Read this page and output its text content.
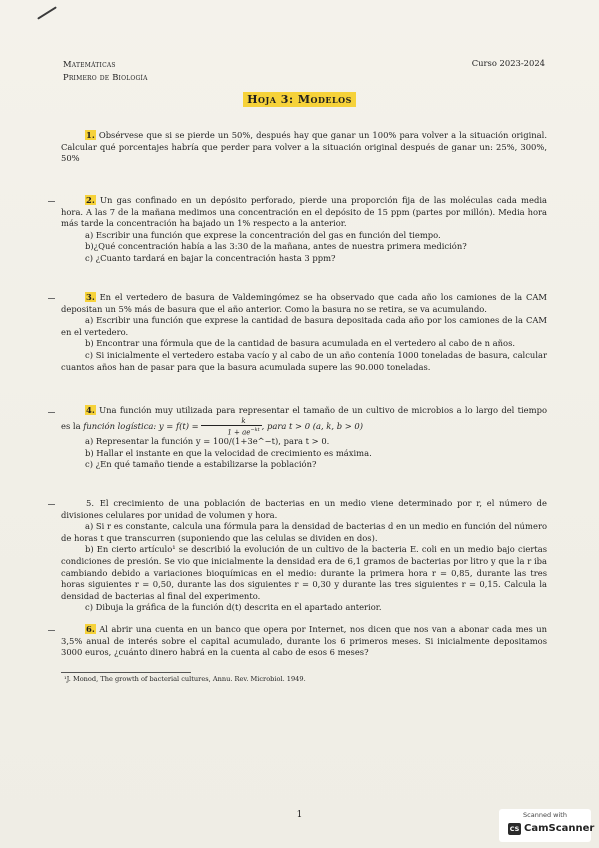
Matemáticas
Primero de Biología
Curso 2023-2024
Hoja 3: Modelos

1. Obsérvese que si se pierde un 50%, después hay que ganar un 100% para volver a la situación original. Calcular qué porcentajes habría que perder para volver a la situación original después de ganar un: 25%, 300%, 50%

2. Un gas confinado en un depósito perforado, pierde una proporción fija de las moléculas cada media hora. A las 7 de la mañana medimos una concentración en el depósito de 15 ppm (partes por millón). Media hora más tarde la concentración ha bajado un 1% respecto a la anterior.

a) Escribir una función que exprese la concentración del gas en función del tiempo.

b)¿Qué concentración había a las 3:30 de la mañana, antes de nuestra primera medición?

c) ¿Cuanto tardará en bajar la concentración hasta 3 ppm?

3. En el vertedero de basura de Valdemingómez se ha observado que cada año los camiones de la CAM depositan un 5% más de basura que el año anterior. Como la basura no se retira, se va acumulando.

a) Escribir una función que exprese la cantidad de basura depositada cada año por los camiones de la CAM en el vertedero.

b) Encontrar una fórmula que de la cantidad de basura acumulada en el vertedero al cabo de n años.

c) Si inicialmente el vertedero estaba vacío y al cabo de un año contenía 1000 toneladas de basura, calcular cuantos años han de pasar para que la basura acumulada supere las 90.000 toneladas.

4. Una función muy utilizada para representar el tamaño de un cultivo de microbios a lo largo del tiempo es la función logística: $y = f(t) = \frac{k}{1 + ae^{-kt}}$ , para t > 0 (a, k, b > 0)

a) Representar la función y = 100/(1+3e^−t), para t > 0.

b) Hallar el instante en que la velocidad de crecimiento es máxima.

c) ¿En qué tamaño tiende a estabilizarse la población?

5. El crecimiento de una población de bacterias en un medio viene determinado por r, el número de divisiones celulares por unidad de volumen y hora.

a) Si r es constante, calcula una fórmula para la densidad de bacterias d en un medio en función del número de horas t que transcurren (suponiendo que las celulas se dividen en dos).

b) En cierto artículo¹ se describió la evolución de un cultivo de la bacteria E. coli en un medio bajo ciertas condiciones de presión. Se vio que inicialmente la densidad era de 6,1 gramos de bacterias por litro y que la r iba cambiando debido a variaciones bioquímicas en el medio: durante la primera hora r = 0,85, durante las tres horas siguientes r = 0,50, durante las dos siguientes r = 0,30 y durante las tres siguientes r = 0,15. Calcula la densidad de bacterias al final del experimento.

c) Dibuja la gráfica de la función d(t) descrita en el apartado anterior.

6. Al abrir una cuenta en un banco que opera por Internet, nos dicen que nos van a abonar cada mes un 3,5% anual de interés sobre el capital acumulado, durante los 6 primeros meses. Si inicialmente depositamos 3000 euros, ¿cuánto dinero habrá en la cuenta al cabo de esos 6 meses?

¹J. Monod, The growth of bacterial cultures, Annu. Rev. Microbiol. 1949.
1	Scanned with
CS CamScanner
